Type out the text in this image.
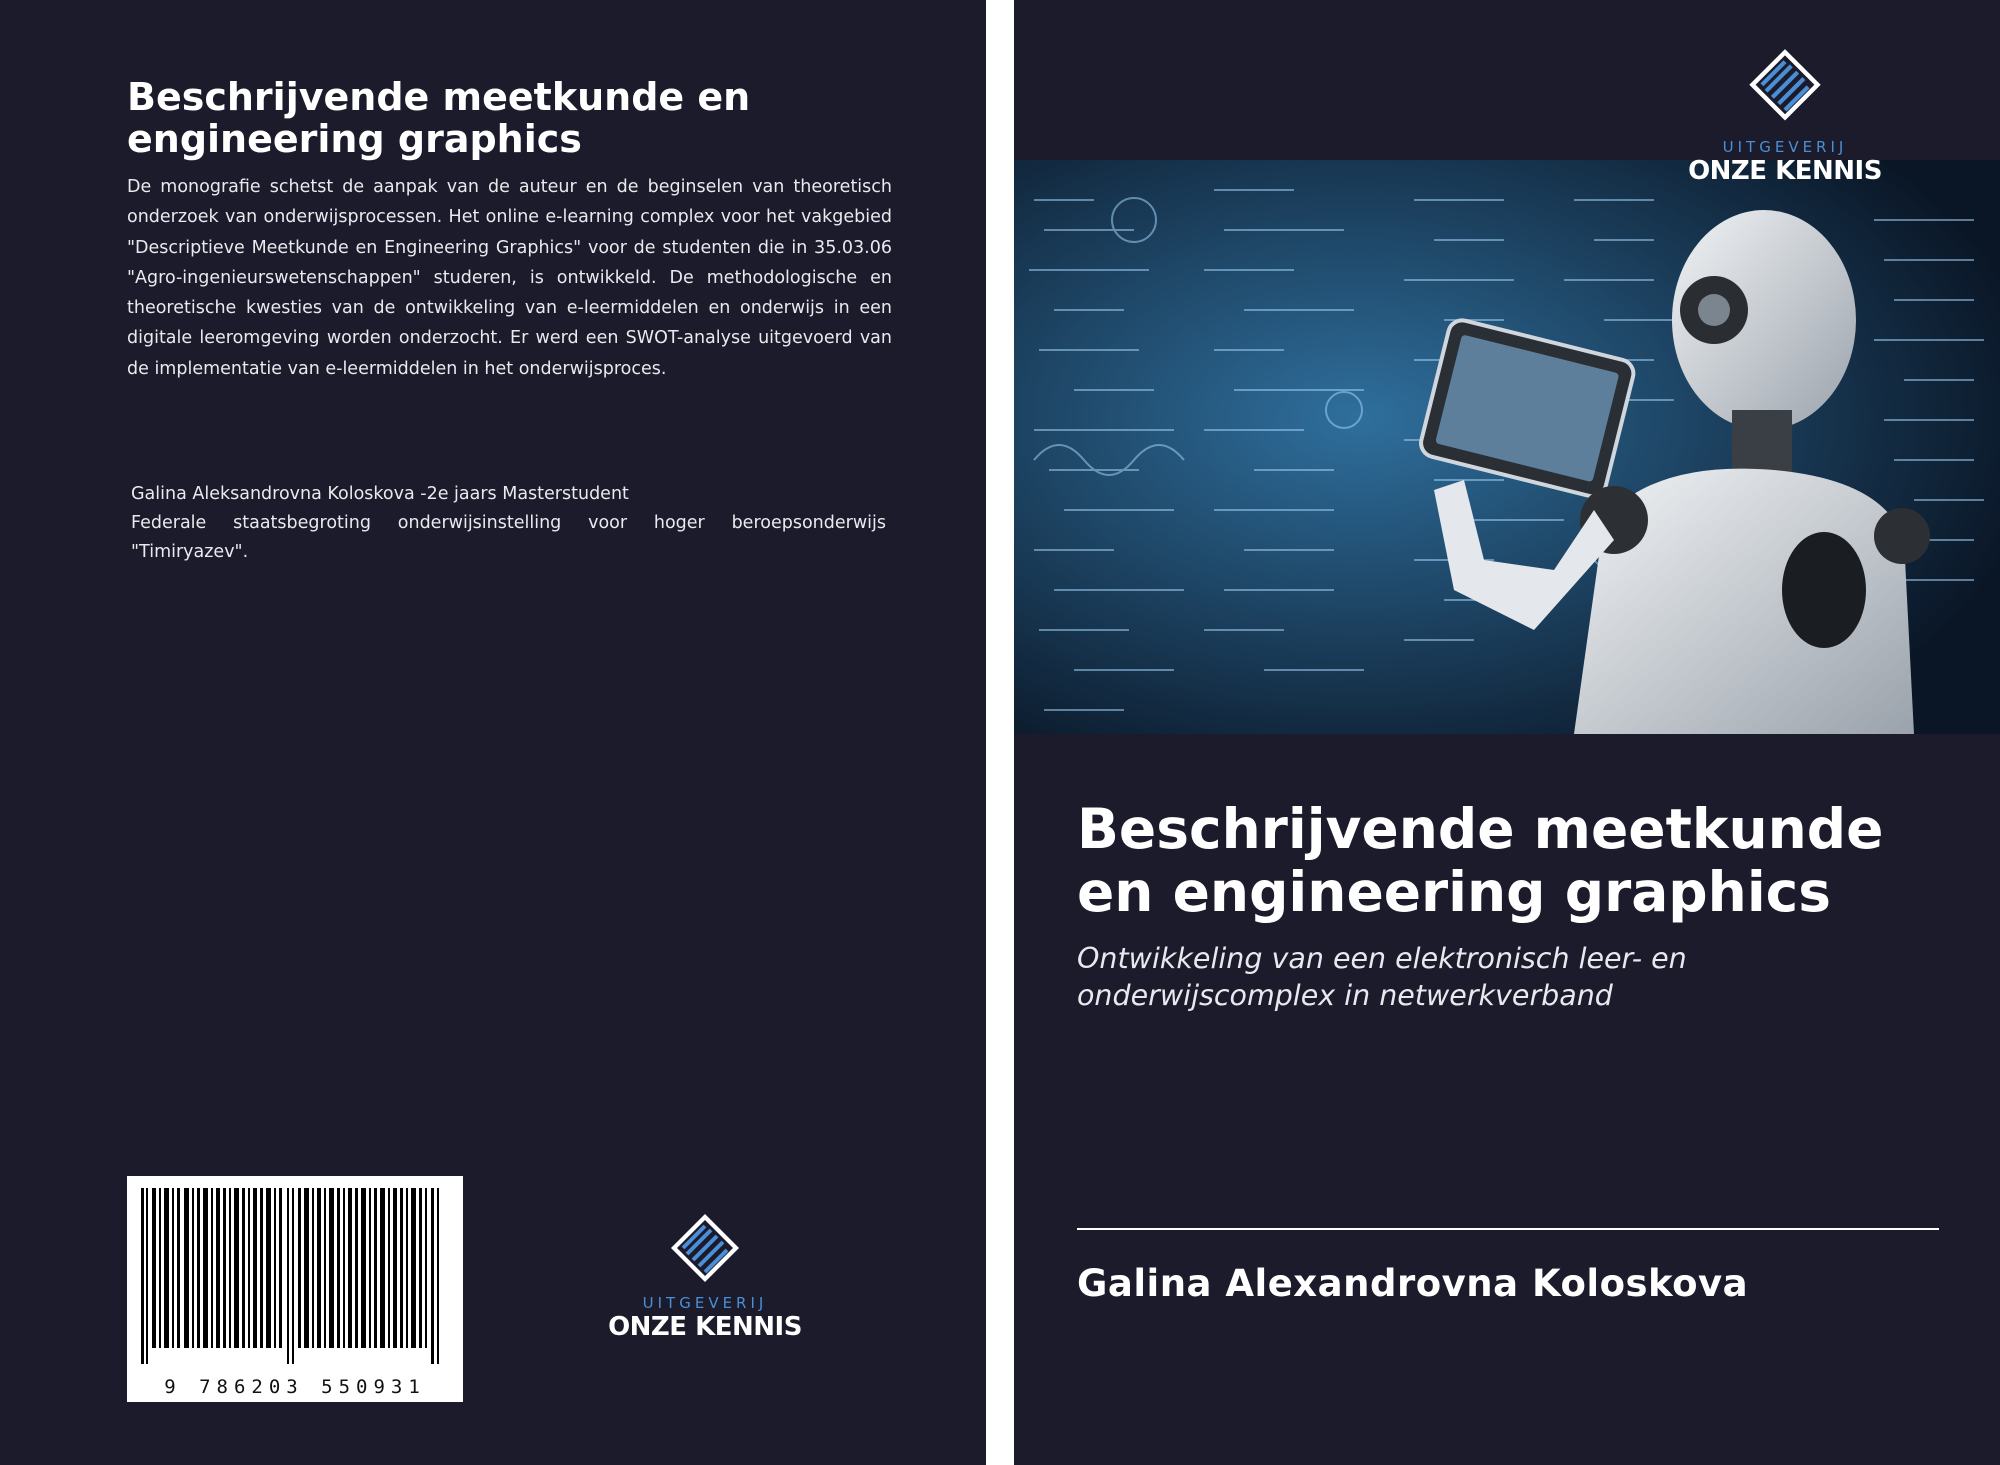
Beschrijvende meetkunde en engineering graphics

De monografie schetst de aanpak van de auteur en de beginselen van theoretisch onderzoek van onderwijsprocessen. Het online e-learning complex voor het vakgebied "Descriptieve Meetkunde en Engineering Graphics" voor de studenten die in 35.03.06 "Agro-ingenieurswetenschappen" studeren, is ontwikkeld. De methodologische en theoretische kwesties van de ontwikkeling van e-leermiddelen en onderwijs in een digitale leeromgeving worden onderzocht. Er werd een SWOT-analyse uitgevoerd van de implementatie van e-leermiddelen in het onderwijsproces.

Galina Aleksandrovna Koloskova -2e jaars Masterstudent
Federale staatsbegroting onderwijsinstelling voor hoger beroepsonderwijs "Timiryazev".
9 786203 550931
UITGEVERIJ
ONZE KENNIS
UITGEVERIJ
ONZE KENNIS
Beschrijvende meetkunde en engineering graphics

Ontwikkeling van een elektronisch leer- en onderwijscomplex in netwerkverband

Galina Alexandrovna Koloskova
